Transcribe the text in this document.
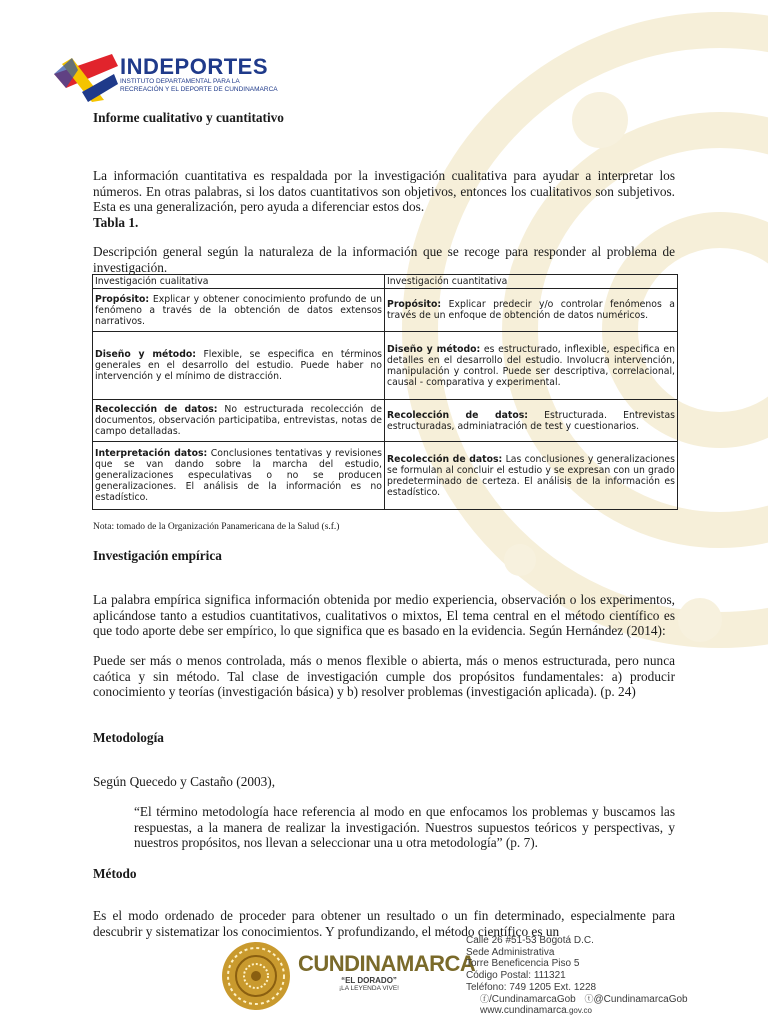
INDEPORTES
INSTITUTO DEPARTAMENTAL PARA LA RECREACIÓN Y EL DEPORTE DE CUNDINAMARCA
Informe cualitativo y cuantitativo

La información cuantitativa es respaldada por la investigación cualitativa para ayudar a interpretar los números. En otras palabras, si los datos cuantitativos son objetivos, entonces los cualitativos son subjetivos. Esta es una generalización, pero ayuda a diferenciar estos dos.

Tabla 1.

Descripción general según la naturaleza de la información que se recoge para responder al problema de investigación.

Investigación cualitativa	Investigación cuantitativa
Propósito: Explicar y obtener conocimiento profundo de un fenómeno a través de la obtención de datos extensos narrativos.	Propósito: Explicar predecir y/o controlar fenómenos a través de un enfoque de obtención de datos numéricos.
Diseño y método: Flexible, se especifica en términos generales en el desarrollo del estudio. Puede haber no intervención y el mínimo de distracción.	Diseño y método: es estructurado, inflexible, especifica en detalles en el desarrollo del estudio. Involucra intervención, manipulación y control. Puede ser descriptiva, correlacional, causal - comparativa y experimental.
Recolección de datos: No estructurada recolección de documentos, observación participatiba, entrevistas, notas de campo detalladas.	Recolección de datos: Estructurada. Entrevistas estructuradas, adminiatración de test y cuestionarios.
Interpretación datos: Conclusiones tentativas y revisiones que se van dando sobre la marcha del estudio, generalizaciones especulativas o no se producen generalizaciones. El análisis de la información es no estadístico.	Recolección de datos: Las conclusiones y generalizaciones se formulan al concluir el estudio y se expresan con un grado predeterminado de certeza. El análisis de la información es estadístico.
Nota: tomado de la Organización Panamericana de la Salud (s.f.)
Investigación empírica

La palabra empírica significa información obtenida por medio experiencia, observación o los experimentos, aplicándose tanto a estudios cuantitativos, cualitativos o mixtos, El tema central en el método científico es que todo aporte debe ser empírico, lo que significa que es basado en la evidencia. Según Hernández (2014):

Puede ser más o menos controlada, más o menos flexible o abierta, más o menos estructurada, pero nunca caótica y sin método. Tal clase de investigación cumple dos propósitos fundamentales: a) producir conocimiento y teorías (investigación básica) y b) resolver problemas (investigación aplicada). (p. 24)

Metodología

Según Quecedo y Castaño (2003),

“El término metodología hace referencia al modo en que enfocamos los problemas y buscamos las respuestas, a la manera de realizar la investigación. Nuestros supuestos teóricos y perspectivas, y nuestros propósitos, nos llevan a seleccionar una u otra metodología” (p. 7).

Método

Es el modo ordenado de proceder para obtener un resultado o un fin determinado, especialmente para descubrir y sistematizar los conocimientos. Y profundizando, el método científico es un

CUNDINAMARCA
“EL DORADO”
¡LA LEYENDA VIVE!
Calle 26 #51-53 Bogotá D.C.
Sede Administrativa
Torre Beneficencia Piso 5
Código Postal: 111321
Teléfono: 749 1205 Ext. 1228
ⓕ/CundinamarcaGob ⓣ@CundinamarcaGob
www.cundinamarca.gov.co
